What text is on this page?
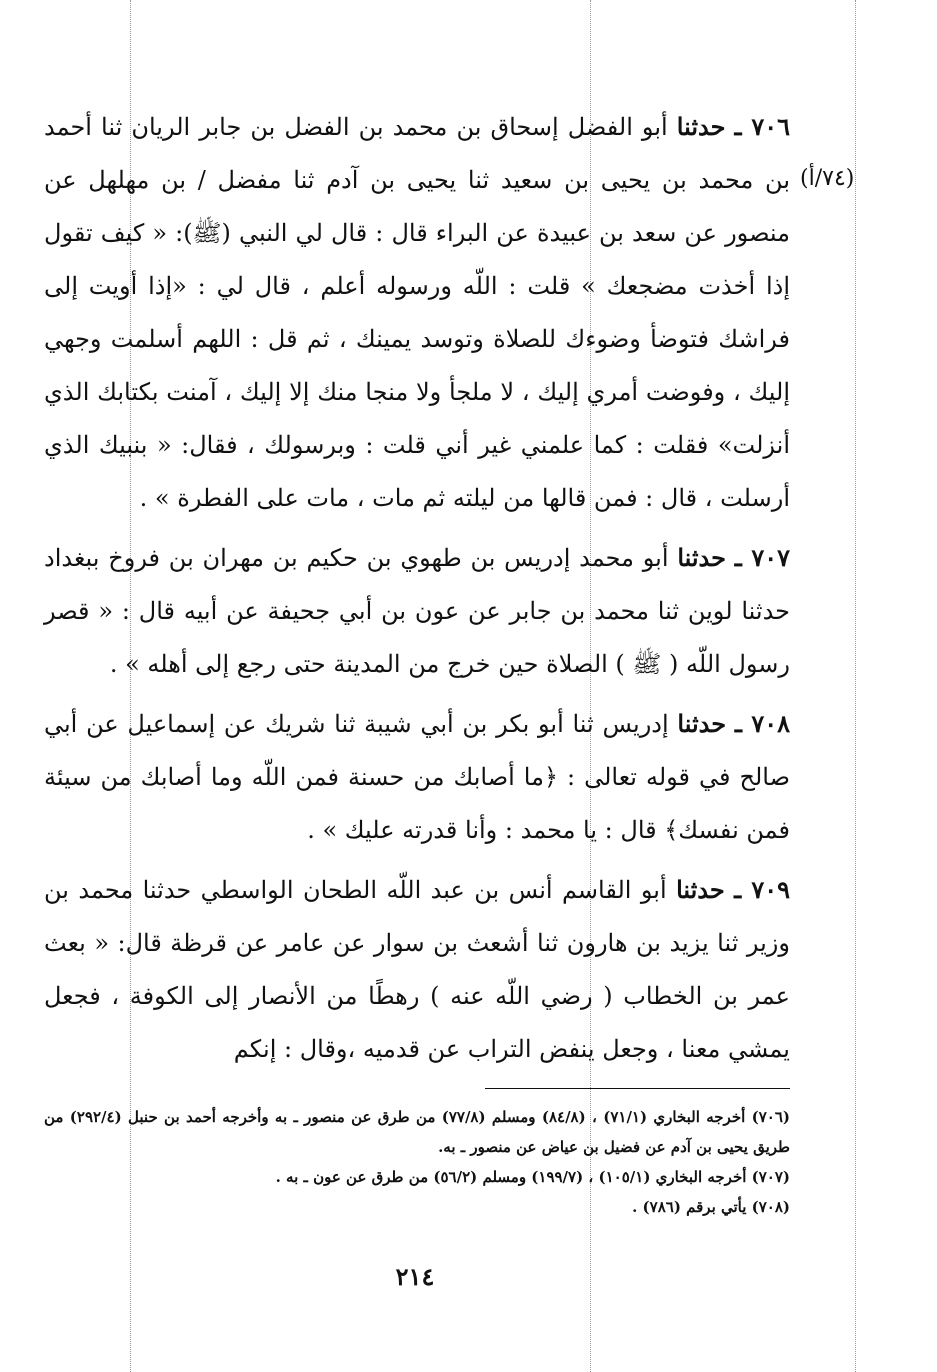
(٧٤/أ)

٧٠٦ ـ حدثنا أبو الفضل إسحاق بن محمد بن الفضل بن جابر الريان ثنا أحمد بن محمد بن يحيى بن سعيد ثنا يحيى بن آدم ثنا مفضل / بن مهلهل عن منصور عن سعد بن عبيدة عن البراء قال : قال لي النبي (ﷺ): « كيف تقول إذا أخذت مضجعك » قلت : اللّه ورسوله أعلم ، قال لي : «إذا أويت إلى فراشك فتوضأ وضوءك للصلاة وتوسد يمينك ، ثم قل : اللهم أسلمت وجهي إليك ، وفوضت أمري إليك ، لا ملجأ ولا منجا منك إلا إليك ، آمنت بكتابك الذي أنزلت» فقلت : كما علمني غير أني قلت : وبرسولك ، فقال: « بنبيك الذي أرسلت ، قال : فمن قالها من ليلته ثم مات ، مات على الفطرة » .

٧٠٧ ـ حدثنا أبو محمد إدريس بن طهوي بن حكيم بن مهران بن فروخ ببغداد حدثنا لوين ثنا محمد بن جابر عن عون بن أبي جحيفة عن أبيه قال : « قصر رسول اللّه ( ﷺ ) الصلاة حين خرج من المدينة حتى رجع إلى أهله » .

٧٠٨ ـ حدثنا إدريس ثنا أبو بكر بن أبي شيبة ثنا شريك عن إسماعيل عن أبي صالح في قوله تعالى : ﴿ما أصابك من حسنة فمن اللّه وما أصابك من سيئة فمن نفسك﴾ قال : يا محمد : وأنا قدرته عليك » .

٧٠٩ ـ حدثنا أبو القاسم أنس بن عبد اللّه الطحان الواسطي حدثنا محمد بن وزير ثنا يزيد بن هارون ثنا أشعث بن سوار عن عامر عن قرظة قال: « بعث عمر بن الخطاب ( رضي اللّه عنه ) رهطًا من الأنصار إلى الكوفة ، فجعل يمشي معنا ، وجعل ينفض التراب عن قدميه ،وقال : إنكم

(٧٠٦) أخرجه البخاري (٧١/١) ، (٨٤/٨) ومسلم (٧٧/٨) من طرق عن منصور ـ به وأخرجه أحمد بن حنبل (٢٩٢/٤) من طريق يحيى بن آدم عن فضيل بن عياض عن منصور ـ به.

(٧٠٧) أخرجه البخاري (١٠٥/١) ، (١٩٩/٧) ومسلم (٥٦/٢) من طرق عن عون ـ به .

(٧٠٨) يأتي برقم (٧٨٦) .

٢١٤
